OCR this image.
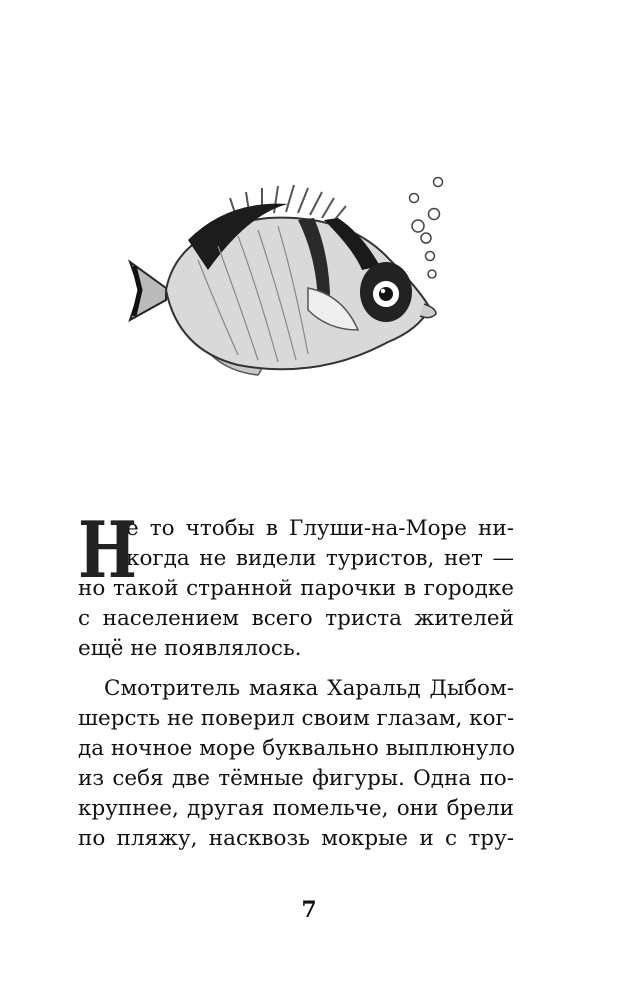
Н
е то чтобы в Глуши-на-Море ни-
когда не видели туристов, нет —
но такой странной парочки в городке
с населением всего триста жителей
ещё не появлялось.
Смотритель маяка Харальд Дыбом-
шерсть не поверил своим глазам, ког-
да ночное море буквально выплюнуло
из себя две тёмные фигуры. Одна по-
крупнее, другая помельче, они брели
по пляжу, насквозь мокрые и с тру-
7
